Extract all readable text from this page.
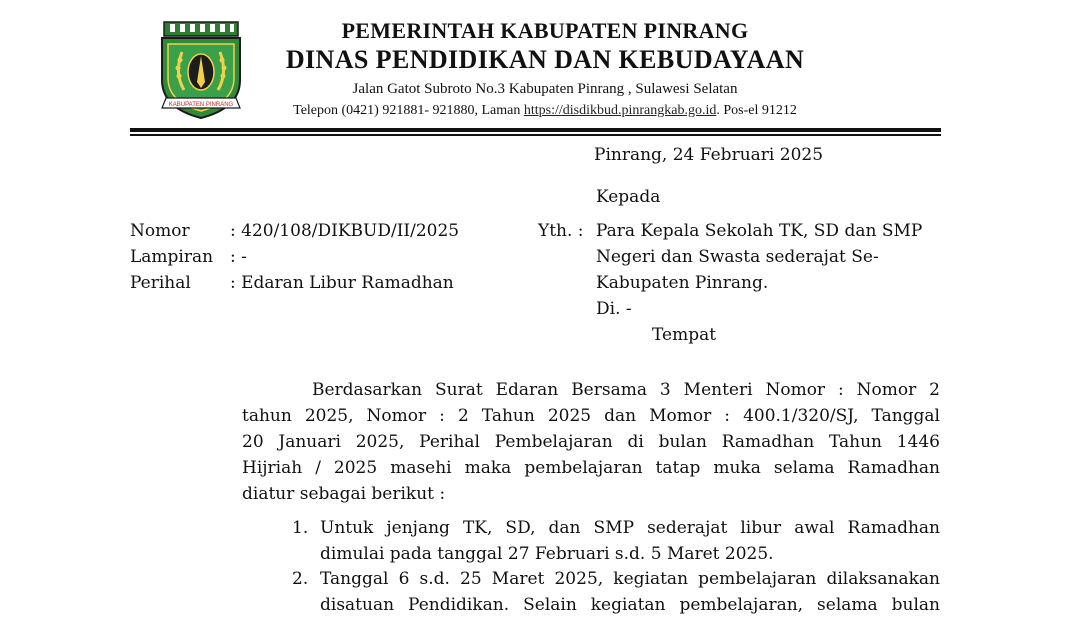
KABUPATEN PINRANG
PEMERINTAH KABUPATEN PINRANG
DINAS PENDIDIKAN DAN KEBUDAYAAN
Jalan Gatot Subroto No.3 Kabupaten Pinrang , Sulawesi Selatan
Telepon (0421) 921881- 921880, Laman https://disdikbud.pinrangkab.go.id. Pos-el 91212
Pinrang, 24 Februari 2025
Kepada
Nomor : 420/108/DIKBUD/II/2025
Lampiran : -
Perihal : Edaran Libur Ramadhan
Yth. : Para Kepala Sekolah TK, SD dan SMP
Negeri dan Swasta sederajat Se-
Kabupaten Pinrang.
Di. -
Tempat
Berdasarkan Surat Edaran Bersama 3 Menteri Nomor : Nomor 2
tahun 2025, Nomor : 2 Tahun 2025 dan Momor : 400.1/320/SJ, Tanggal
20 Januari 2025, Perihal Pembelajaran di bulan Ramadhan Tahun 1446
Hijriah / 2025 masehi maka pembelajaran tatap muka selama Ramadhan
diatur sebagai berikut :
1. Untuk jenjang TK, SD, dan SMP sederajat libur awal Ramadhan
dimulai pada tanggal 27 Februari s.d. 5 Maret 2025.
2. Tanggal 6 s.d. 25 Maret 2025, kegiatan pembelajaran dilaksanakan
disatuan Pendidikan. Selain kegiatan pembelajaran, selama bulan
